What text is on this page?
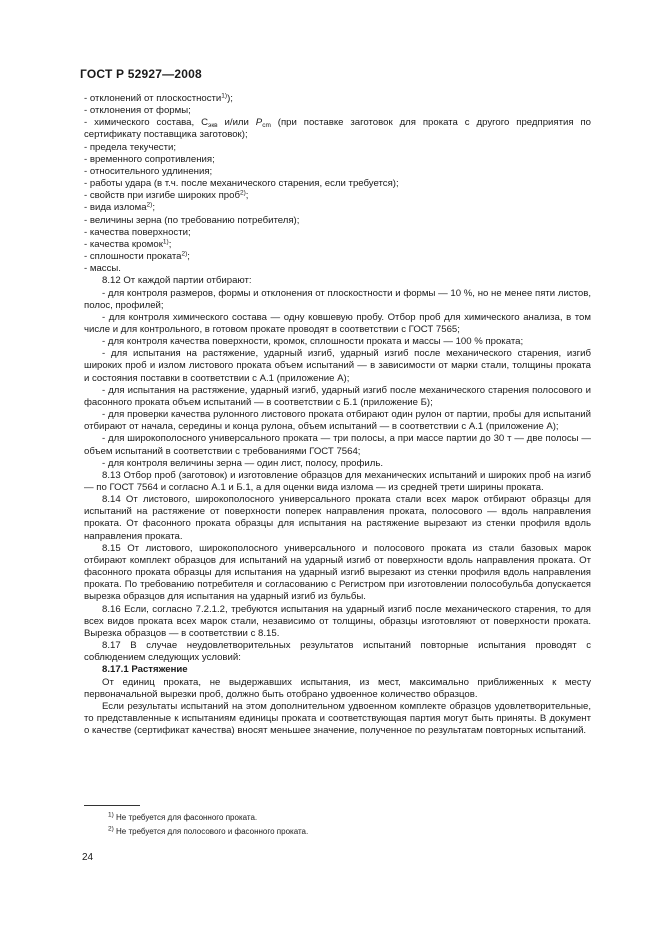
ГОСТ Р 52927—2008

- отклонений от плоскостности$^{1)}$);

- отклонения от формы;

- химического состава, $С_{экв}$ и/или $Р_{cm}$ (при поставке заготовок для проката с другого предприятия по сертификату поставщика заготовок);

- предела текучести;

- временного сопротивления;

- относительного удлинения;

- работы удара (в т.ч. после механического старения, если требуется);

- свойств при изгибе широких проб$^{2)}$;

- вида излома$^{2)}$;

- величины зерна (по требованию потребителя);

- качества поверхности;

- качества кромок$^{1)}$;

- сплошности проката$^{2)}$;

- массы.

8.12 От каждой партии отбирают:

- для контроля размеров, формы и отклонения от плоскостности и формы — 10 %, но не менее пяти листов, полос, профилей;

- для контроля химического состава — одну ковшевую пробу. Отбор проб для химического анализа, в том числе и для контрольного, в готовом прокате проводят в соответствии с ГОСТ 7565;

- для контроля качества поверхности, кромок, сплошности проката и массы — 100 % проката;

- для испытания на растяжение, ударный изгиб, ударный изгиб после механического старения, изгиб широких проб и излом листового проката объем испытаний — в зависимости от марки стали, толщины проката и состояния поставки в соответствии с А.1 (приложение А);

- для испытания на растяжение, ударный изгиб, ударный изгиб после механического старения полосового и фасонного проката объем испытаний — в соответствии с Б.1 (приложение Б);

- для проверки качества рулонного листового проката отбирают один рулон от партии, пробы для испытаний отбирают от начала, середины и конца рулона, объем испытаний — в соответствии с А.1 (приложение А);

- для широкополосного универсального проката — три полосы, а при массе партии до 30 т — две полосы — объем испытаний в соответствии с требованиями ГОСТ 7564;

- для контроля величины зерна — один лист, полосу, профиль.

8.13 Отбор проб (заготовок) и изготовление образцов для механических испытаний и широких проб на изгиб — по ГОСТ 7564 и согласно А.1 и Б.1, а для оценки вида излома — из средней трети ширины проката.

8.14 От листового, широкополосного универсального проката стали всех марок отбирают образцы для испытаний на растяжение от поверхности поперек направления проката, полосового — вдоль направления проката. От фасонного проката образцы для испытания на растяжение вырезают из стенки профиля вдоль направления проката.

8.15 От листового, широкополосного универсального и полосового проката из стали базовых марок отбирают комплект образцов для испытаний на ударный изгиб от поверхности вдоль направления проката. От фасонного проката образцы для испытания на ударный изгиб вырезают из стенки профиля вдоль направления проката. По требованию потребителя и согласованию с Регистром при изготовлении полособульба допускается вырезка образцов для испытания на ударный изгиб из бульбы.

8.16 Если, согласно 7.2.1.2, требуются испытания на ударный изгиб после механического старения, то для всех видов проката всех марок стали, независимо от толщины, образцы изготовляют от поверхности проката. Вырезка образцов — в соответствии с 8.15.

8.17 В случае неудовлетворительных результатов испытаний повторные испытания проводят с соблюдением следующих условий:

8.17.1 Растяжение

От единиц проката, не выдержавших испытания, из мест, максимально приближенных к месту первоначальной вырезки проб, должно быть отобрано удвоенное количество образцов.

Если результаты испытаний на этом дополнительном удвоенном комплекте образцов удовлетворительные, то представленные к испытаниям единицы проката и соответствующая партия могут быть приняты. В документ о качестве (сертификат качества) вносят меньшее значение, полученное по результатам повторных испытаний.

$^{1)}$ Не требуется для фасонного проката.
$^{2)}$ Не требуется для полосового и фасонного проката.
24
